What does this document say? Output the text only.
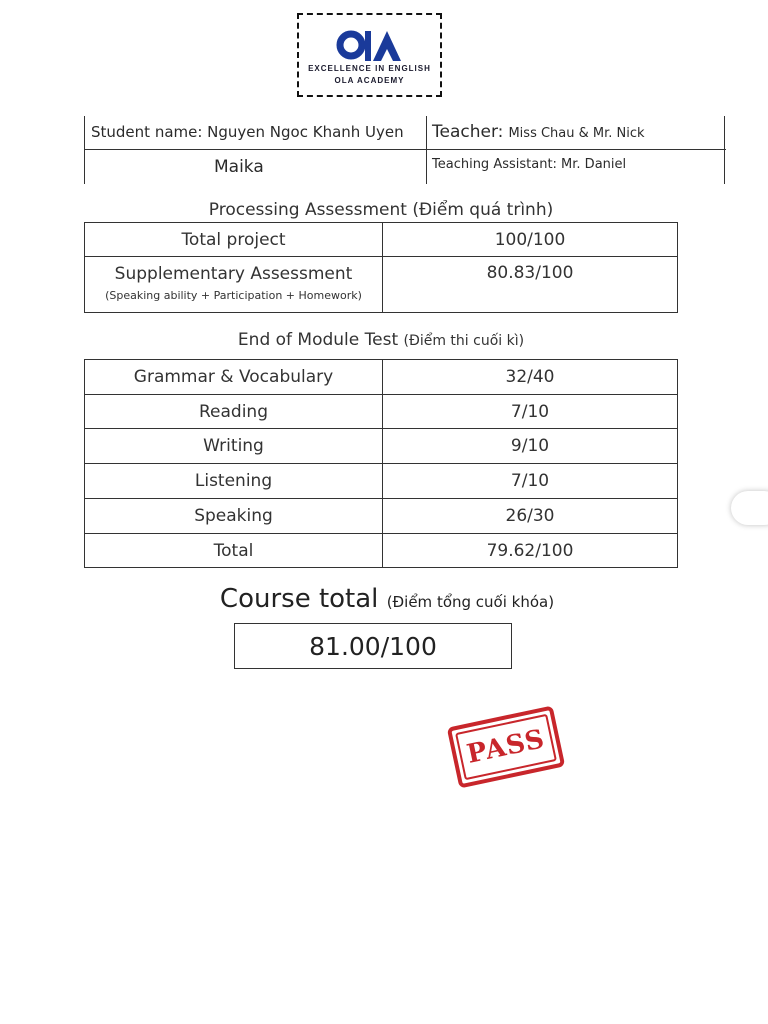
EXCELLENCE IN ENGLISH
OLA ACADEMY
Student name: Nguyen Ngoc Khanh Uyen
Maika
Teacher: Miss Chau & Mr. Nick
Teaching Assistant: Mr. Daniel
Processing Assessment (Điểm quá trình)
Total project	100/100

Supplementary Assessment
(Speaking ability + Participation + Homework)	80.83/100
End of Module Test (Điểm thi cuối kì)
Grammar & Vocabulary	32/40
Reading	7/10
Writing	9/10
Listening	7/10
Speaking	26/30
Total	79.62/100
Course total (Điểm tổng cuối khóa)
81.00/100
PASS
